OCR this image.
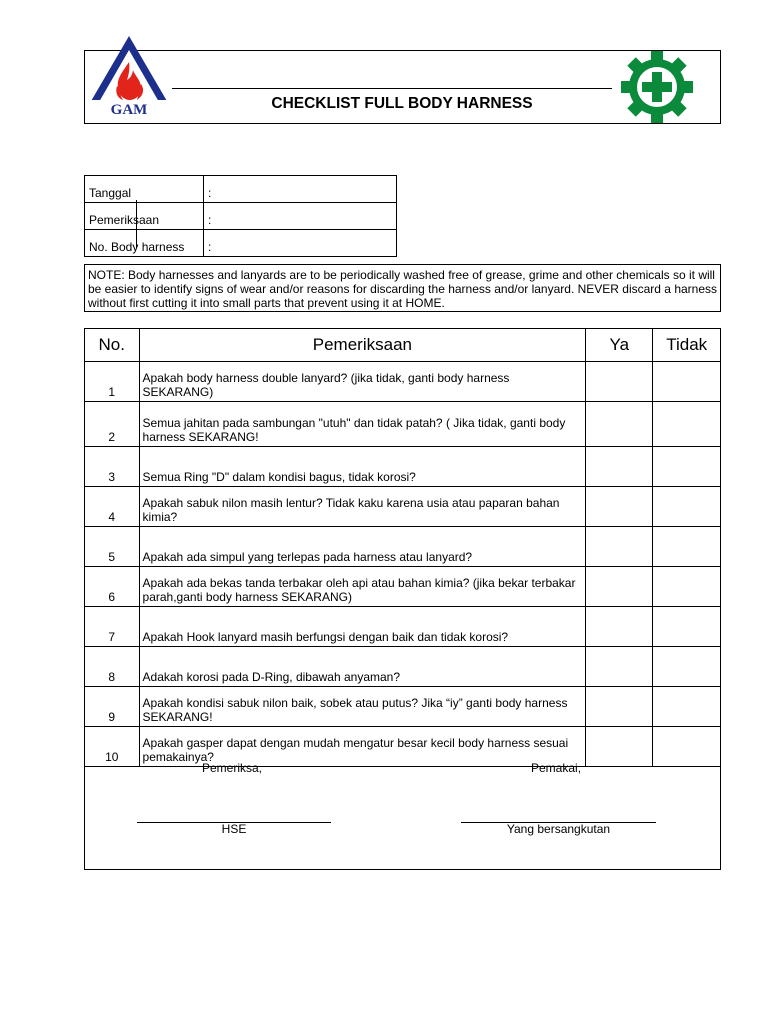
GAM	CHECKLIST FULL BODY HARNESS
Tanggal	:
Pemeriksaan	:
No. Body harness	:
NOTE: Body harnesses and lanyards are to be periodically washed free of grease, grime and other chemicals so it will be easier to identify signs of wear and/or reasons for discarding the harness and/or lanyard. NEVER discard a harness without first cutting it into small parts that prevent using it at HOME.
No.	Pemeriksaan	Ya	Tidak
1	Apakah body harness double lanyard? (jika tidak, ganti body harness SEKARANG)		
2	Semua jahitan pada sambungan "utuh" dan tidak patah? ( Jika tidak, ganti body harness SEKARANG!		
3	Semua Ring "D" dalam kondisi bagus, tidak korosi?		
4	Apakah sabuk nilon masih lentur? Tidak kaku karena usia atau paparan bahan kimia?		
5	Apakah ada simpul yang terlepas pada harness atau lanyard?		
6	Apakah ada bekas tanda terbakar oleh api atau bahan kimia? (jika bekar terbakar parah,ganti body harness SEKARANG)		
7	Apakah Hook lanyard masih berfungsi dengan baik dan tidak korosi?		
8	Adakah korosi pada D-Ring, dibawah anyaman?		
9	Apakah kondisi sabuk nilon baik, sobek atau putus? Jika “iy” ganti body harness SEKARANG!		
10	Apakah gasper dapat dengan mudah mengatur besar kecil body harness sesuai pemakainya?		
Pemeriksa,	Pemakai,
HSE	Yang bersangkutan
